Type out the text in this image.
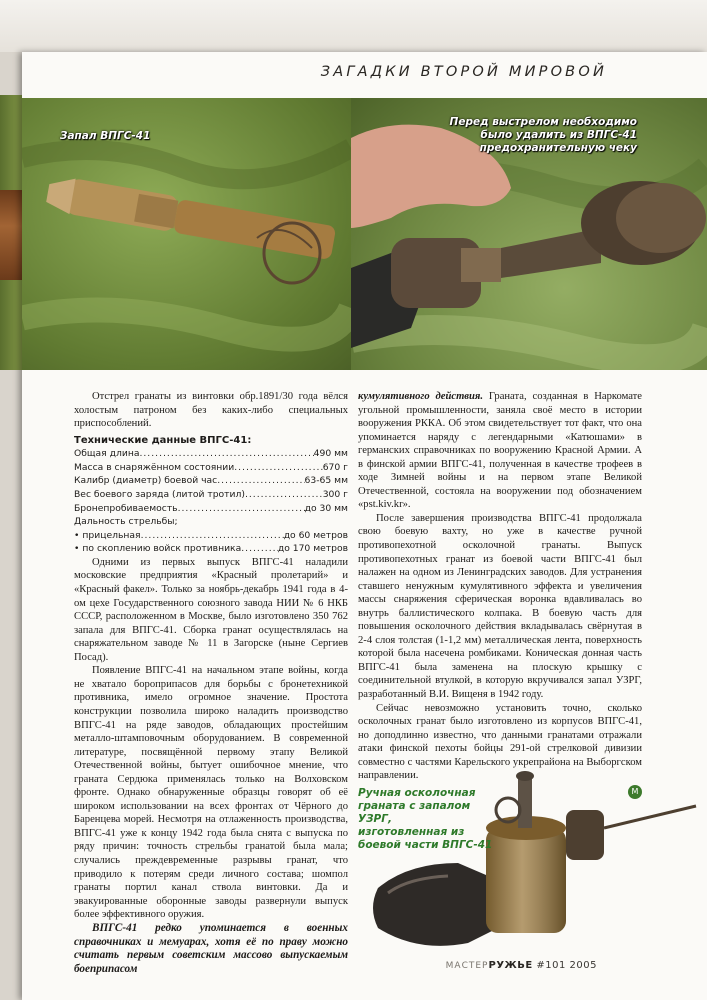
ЗАГАДКИ ВТОРОЙ МИРОВОЙ
Запал ВПГС-41
Перед выстрелом необходимо
было удалить из ВПГС-41
предохранительную чеку

Отстрел гранаты из винтовки обр.1891/30 года вёлся холостым патроном без каких-либо специальных приспособлений.

Технические данные ВПГС-41:
Общая длина .....	490 мм
Масса в снаряжённом состоянии .....	670 г
Калибр (диаметр) боевой час .....	63-65 мм
Вес боевого заряда (литой тротил) .....	300 г
Бронепробиваемость .....	до 30 мм
Дальность стрельбы;
• прицельная .....	до 60 метров
• по скоплению войск противника .....	до 170 метров

Одними из первых выпуск ВПГС-41 наладили московские предприятия «Красный пролетарий» и «Красный факел». Только за ноябрь-декабрь 1941 года в 4-ом цехе Государственного союзного завода НИИ № 6 НКБ СССР, расположенном в Москве, было изготовлено 350 762 запала для ВПГС-41. Сборка гранат осуществлялась на снаряжательном заводе № 11 в Загорске (ныне Сергиев Посад).

Появление ВПГС-41 на начальном этапе войны, когда не хватало бороприпасов для борьбы с бронетехникой противника, имело огромное значение. Простота конструкции позволила широко наладить производство ВПГС-41 на ряде заводов, обладающих простейшим металло-штамповочным оборудованием. В современной литературе, посвящённой первому этапу Великой Отечественной войны, бытует ошибочное мнение, что граната Сердюка применялась только на Волховском фронте. Однако обнаруженные образцы говорят об её широком использовании на всех фронтах от Чёрного до Баренцева морей. Несмотря на отлаженность производства, ВПГС-41 уже к концу 1942 года была снята с выпуска по ряду причин: точность стрельбы гранатой была мала; случались преждевременные разрывы гранат, что приводило к потерям среди личного состава; шомпол гранаты портил канал ствола винтовки. Да и эвакуированные оборонные заводы развернули выпуск более эффективного оружия.

ВПГС-41 редко упоминается в военных справочниках и мемуарах, хотя её по праву можно считать первым советским массово выпускаемым боеприпасом

кумулятивного действия. Граната, созданная в Наркомате угольной промышленности, заняла своё место в истории вооружения РККА. Об этом свидетельствует тот факт, что она упоминается наряду с легендарными «Катюшами» в германских справочниках по вооружению Красной Армии. А в финской армии ВПГС-41, полученная в качестве трофеев в ходе Зимней войны и на первом этапе Великой Отечественной, состояла на вооружении под обозначением «pst.kiv.kr».

После завершения производства ВПГС-41 продолжала свою боевую вахту, но уже в качестве ручной противопехотной осколочной гранаты. Выпуск противопехотных гранат из боевой части ВПГС-41 был налажен на одном из Ленинградских заводов. Для устранения ставшего ненужным кумулятивного эффекта и увеличения массы снаряжения сферическая воронка вдавливалась во внутрь баллистического колпака. В боевую часть для повышения осколочного действия вкладывалась свёрнутая в 2-4 слоя толстая (1-1,2 мм) металлическая лента, поверхность которой была насечена ромбиками. Коническая донная часть ВПГС-41 была заменена на плоскую крышку с соединительной втулкой, в которую вкручивался запал УЗРГ, разработанный В.И. Вищеня в 1942 году.

Сейчас невозможно установить точно, сколько осколочных гранат было изготовлено из корпусов ВПГС-41, но доподлинно известно, что данными гранатами отражали атаки финской пехоты бойцы 291-ой стрелковой дивизии совместно с частями Карельского укрепрайона на Выборгском направлении.

М
Ручная осколочная
граната с запалом УЗРГ,
изготовленная из
боевой части ВПГС-41
МАСТЕРРУЖЬЕ #101 2005
